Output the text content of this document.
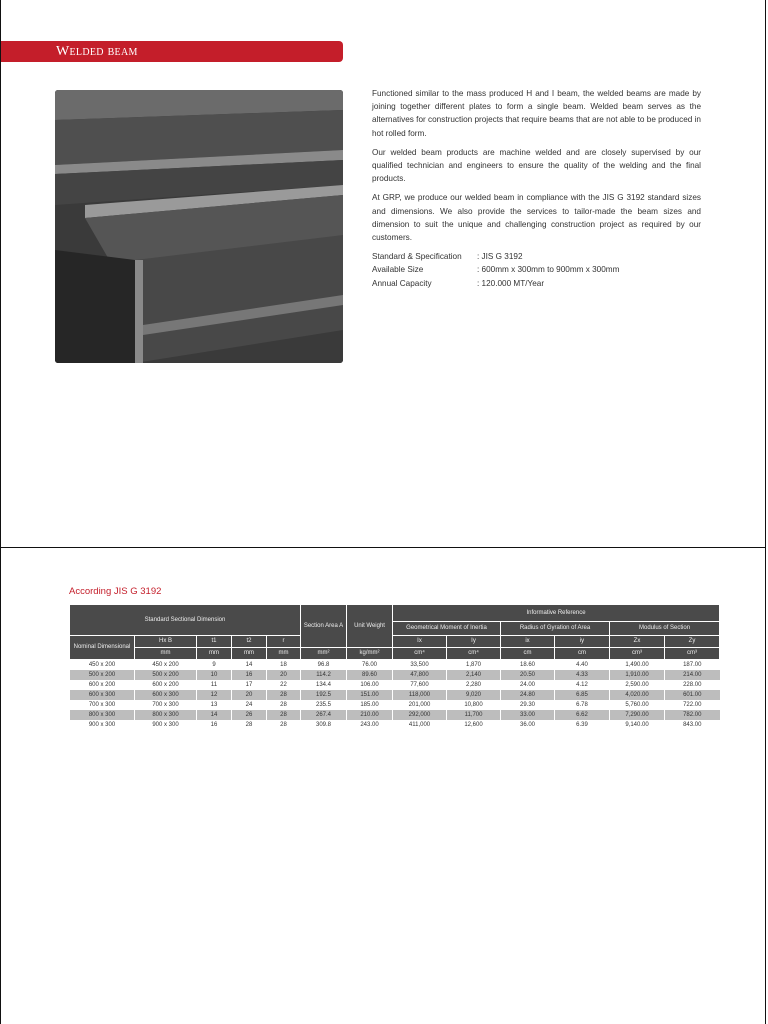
Welded beam

Functioned similar to the mass produced H and I beam, the welded beams are made by joining together different plates to form a single beam. Welded beam serves as the alternatives for construction projects that require beams that are not able to be produced in hot rolled form.

Our welded beam products are machine welded and are closely supervised by our qualified technician and engineers to ensure the quality of the welding and the final products.

At GRP, we produce our welded beam in compliance with the JIS G 3192 standard sizes and dimensions. We also provide the services to tailor-made the beam sizes and dimension to suit the unique and challenging construction project as required by our customers.

Standard & Specification	: JIS G 3192
Available Size	: 600mm x 300mm to 900mm x 300mm
Annual Capacity	: 120.000 MT/Year
According JIS G 3192
Standard Sectional Dimension					Section Area A	Unit Weight	Informative Reference					
							Geometrical Moment of Inertia		Radius of Gyration of Area		Modulus of Section	
Nominal Dimensional	Hx B	t1	t2	r			Ix	Iy	ix	iy	Zx	Zy
	mm	mm	mm	mm	mm²	kg/mm²	cm⁴	cm⁴	cm	cm	cm³	cm³
450 x 200	450 x 200	9	14	18	96.8	76.00	33,500	1,870	18.60	4.40	1,490.00	187.00
500 x 200	500 x 200	10	16	20	114.2	89.60	47,800	2,140	20.50	4.33	1,910.00	214.00
600 x 200	600 x 200	11	17	22	134.4	106.00	77,600	2,280	24.00	4.12	2,590.00	228.00
600 x 300	600 x 300	12	20	28	192.5	151.00	118,000	9,020	24.80	6.85	4,020.00	601.00
700 x 300	700 x 300	13	24	28	235.5	185.00	201,000	10,800	29.30	6.78	5,760.00	722.00
800 x 300	800 x 300	14	26	28	267.4	210.00	292,000	11,700	33.00	6.62	7,290.00	782.00
900 x 300	900 x 300	16	28	28	309.8	243.00	411,000	12,600	36.00	6.39	9,140.00	843.00
